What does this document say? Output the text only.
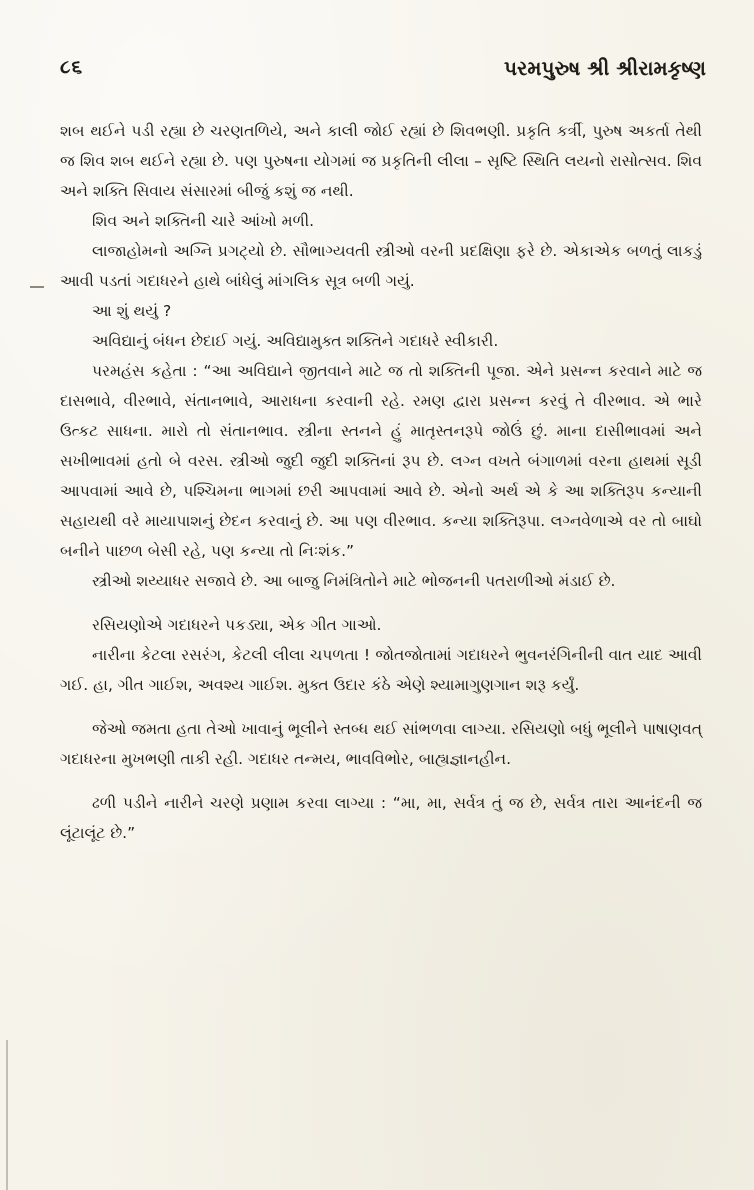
૮૬	પરમપુરુષ શ્રી શ્રીરામકૃષ્ણ

શબ થઈને પડી રહ્યા છે ચરણતળિયે, અને કાલી જોઈ રહ્યાં છે શિવભણી. પ્રકૃતિ કર્ત્રી, પુરુષ અકર્તા તેથી જ શિવ શબ થઈને રહ્યા છે. પણ પુરુષના યોગમાં જ પ્રકૃતિની લીલા – સૃષ્ટિ સ્થિતિ લયનો રાસોત્સવ. શિવ અને શક્તિ સિવાય સંસારમાં બીજું કશું જ નથી.

શિવ અને શક્તિની ચારે આંખો મળી.

લાજાહોમનો અગ્નિ પ્રગટ્યો છે. સૌભાગ્યવતી સ્ત્રીઓ વરની પ્રદક્ષિણા ફરે છે. એકાએક બળતું લાકડું આવી પડતાં ગદાધરને હાથે બાંધેલું માંગલિક સૂત્ર બળી ગયું.

આ શું થયું ?

અવિદ્યાનું બંધન છેદાઈ ગયું. અવિદ્યામુક્ત શક્તિને ગદાધરે સ્વીકારી.

પરમહંસ કહેતા : “આ અવિદ્યાને જીતવાને માટે જ તો શક્તિની પૂજા. એને પ્રસન્ન કરવાને માટે જ દાસભાવે, વીરભાવે, સંતાનભાવે, આરાધના કરવાની રહે. રમણ દ્વારા પ્રસન્ન કરવું તે વીરભાવ. એ ભારે ઉત્કટ સાધના. મારો તો સંતાનભાવ. સ્ત્રીના સ્તનને હું માતૃસ્તનરૂપે જોઉં છું. માના દાસીભાવમાં અને સખીભાવમાં હતો બે વરસ. સ્ત્રીઓ જુદી જુદી શક્તિનાં રૂપ છે. લગ્ન વખતે બંગાળમાં વરના હાથમાં સૂડી આપવામાં આવે છે, પશ્ચિમના ભાગમાં છરી આપવામાં આવે છે. એનો અર્થ એ કે આ શક્તિરૂપ કન્યાની સહાયથી વરે માયાપાશનું છેદન કરવાનું છે. આ પણ વીરભાવ. કન્યા શક્તિરૂપા. લગ્નવેળાએ વર તો બાઘો બનીને પાછળ બેસી રહે, પણ કન્યા તો નિઃશંક.”

સ્ત્રીઓ શય્યાધર સજાવે છે. આ બાજુ નિમંત્રિતોને માટે ભોજનની પતરાળીઓ મંડાઈ છે.

રસિયણોએ ગદાધરને પકડ્યા, એક ગીત ગાઓ.

નારીના કેટલા રસરંગ, કેટલી લીલા ચપળતા ! જોતજોતામાં ગદાધરને ભુવનરંગિનીની વાત યાદ આવી ગઈ. હા, ગીત ગાઈશ, અવશ્ય ગાઈશ. મુક્ત ઉદાર કંઠે એણે શ્યામાગુણગાન શરૂ કર્યું.

જેઓ જમતા હતા તેઓ ખાવાનું ભૂલીને સ્તબ્ધ થઈ સાંભળવા લાગ્યા. રસિયણો બધું ભૂલીને પાષાણવત્ ગદાધરના મુખભણી તાકી રહી. ગદાધર તન્મય, ભાવવિભોર, બાહ્યજ્ઞાનહીન.

ઢળી પડીને નારીને ચરણે પ્રણામ કરવા લાગ્યા : “મા, મા, સર્વત્ર તું જ છે, સર્વત્ર તારા આનંદની જ લૂંટાલૂંટ છે.”
